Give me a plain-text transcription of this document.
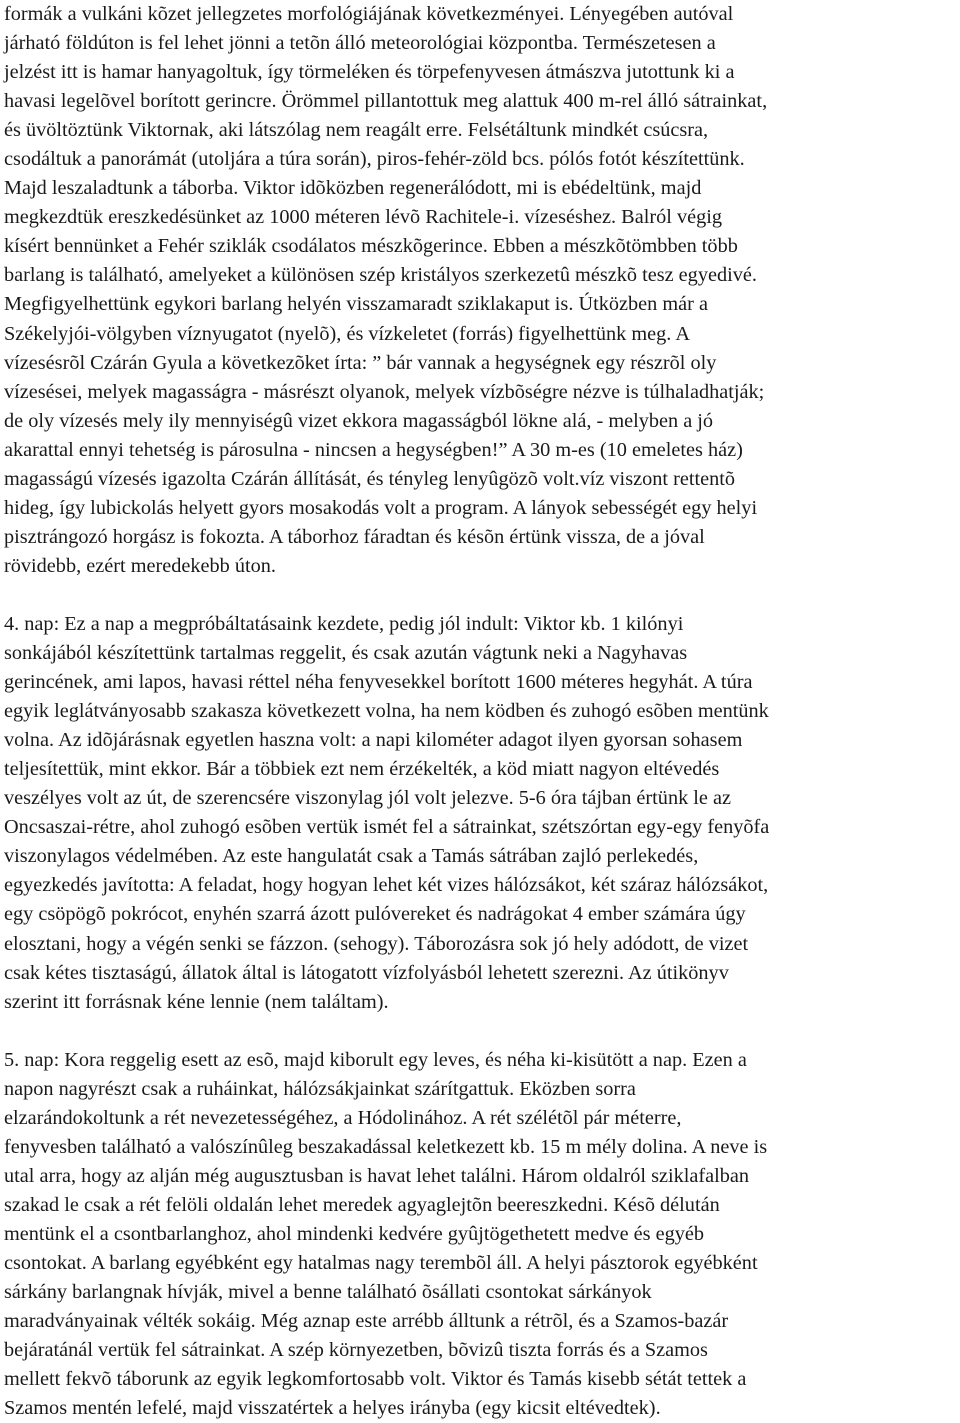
formák a vulkáni kõzet jellegzetes morfológiájának következményei. Lényegében autóval
járható földúton is fel lehet jönni a tetõn álló meteorológiai központba. Természetesen a
jelzést itt is hamar hanyagoltuk, így törmeléken és törpefenyvesen átmászva jutottunk ki a
havasi legelõvel borított gerincre. Örömmel pillantottuk meg alattuk 400 m-rel álló sátrainkat,
és üvöltöztünk Viktornak, aki látszólag nem reagált erre. Felsétáltunk mindkét csúcsra,
csodáltuk a panorámát (utoljára a túra során), piros-fehér-zöld bcs. pólós fotót készítettünk.
Majd leszaladtunk a táborba. Viktor idõközben regenerálódott, mi is ebédeltünk, majd
megkezdtük ereszkedésünket az 1000 méteren lévõ Rachitele-i. vízeséshez. Balról végig
kísért bennünket a Fehér sziklák csodálatos mészkõgerince. Ebben a mészkõtömbben több
barlang is található, amelyeket a különösen szép kristályos szerkezetû mészkõ tesz egyedivé.
Megfigyelhettünk egykori barlang helyén visszamaradt sziklakaput is. Útközben már a
Székelyjói-völgyben víznyugatot (nyelõ), és vízkeletet (forrás) figyelhettünk meg. A
vízesésrõl Czárán Gyula a következõket írta: ” bár vannak a hegységnek egy részrõl oly
vízesései, melyek magasságra - másrészt olyanok, melyek vízbõségre nézve is túlhaladhatják;
de oly vízesés mely ily mennyiségû vizet ekkora magasságból lökne alá, - melyben a jó
akarattal ennyi tehetség is párosulna - nincsen a hegységben!” A 30 m-es (10 emeletes ház)
magasságú vízesés igazolta Czárán állítását, és tényleg lenyûgözõ volt.víz viszont rettentõ
hideg, így lubickolás helyett gyors mosakodás volt a program. A lányok sebességét egy helyi
pisztrángozó horgász is fokozta. A táborhoz fáradtan és késõn értünk vissza, de a jóval
rövidebb, ezért meredekebb úton.
4. nap: Ez a nap a megpróbáltatásaink kezdete, pedig jól indult: Viktor kb. 1 kilónyi
sonkájából készítettünk tartalmas reggelit, és csak azután vágtunk neki a Nagyhavas
gerincének, ami lapos, havasi réttel néha fenyvesekkel borított 1600 méteres hegyhát. A túra
egyik leglátványosabb szakasza következett volna, ha nem ködben és zuhogó esõben mentünk
volna. Az idõjárásnak egyetlen haszna volt: a napi kilométer adagot ilyen gyorsan sohasem
teljesítettük, mint ekkor. Bár a többiek ezt nem érzékelték, a köd miatt nagyon eltévedés
veszélyes volt az út, de szerencsére viszonylag jól volt jelezve. 5-6 óra tájban értünk le az
Oncsaszai-rétre, ahol zuhogó esõben vertük ismét fel a sátrainkat, szétszórtan egy-egy fenyõfa
viszonylagos védelmében. Az este hangulatát csak a Tamás sátrában zajló perlekedés,
egyezkedés javította: A feladat, hogy hogyan lehet két vizes hálózsákot, két száraz hálózsákot,
egy csöpögõ pokrócot, enyhén szarrá ázott pulóvereket és nadrágokat 4 ember számára úgy
elosztani, hogy a végén senki se fázzon. (sehogy). Táborozásra sok jó hely adódott, de vizet
csak kétes tisztaságú, állatok által is látogatott vízfolyásból lehetett szerezni. Az útikönyv
szerint itt forrásnak kéne lennie (nem találtam).
5. nap: Kora reggelig esett az esõ, majd kiborult egy leves, és néha ki-kisütött a nap. Ezen a
napon nagyrészt csak a ruháinkat, hálózsákjainkat szárítgattuk. Eközben sorra
elzarándokoltunk a rét nevezetességéhez, a Hódolinához. A rét szélétõl pár méterre,
fenyvesben található a valószínûleg beszakadással keletkezett kb. 15 m mély dolina. A neve is
utal arra, hogy az alján még augusztusban is havat lehet találni. Három oldalról sziklafalban
szakad le csak a rét felöli oldalán lehet meredek agyaglejtõn beereszkedni. Késõ délután
mentünk el a csontbarlanghoz, ahol mindenki kedvére gyûjtögethetett medve és egyéb
csontokat. A barlang egyébként egy hatalmas nagy terembõl áll. A helyi pásztorok egyébként
sárkány barlangnak hívják, mivel a benne található õsállati csontokat sárkányok
maradványainak vélték sokáig. Még aznap este arrébb álltunk a rétrõl, és a Szamos-bazár
bejáratánál vertük fel sátrainkat. A szép környezetben, bõvizû tiszta forrás és a Szamos
mellett fekvõ táborunk az egyik legkomfortosabb volt. Viktor és Tamás kisebb sétát tettek a
Szamos mentén lefelé, majd visszatértek a helyes irányba (egy kicsit eltévedtek).
